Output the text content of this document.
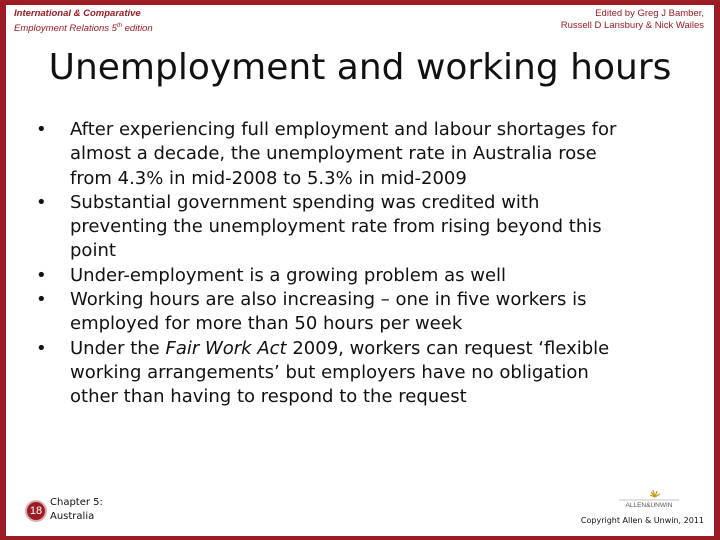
International & Comparative
Employment Relations 5th edition
Edited by Greg J Bamber,
Russell D Lansbury & Nick Wailes
Unemployment and working hours
• After experiencing full employment and labour shortages for
almost a decade, the unemployment rate in Australia rose
from 4.3% in mid-2008 to 5.3% in mid-2009
• Substantial government spending was credited with
preventing the unemployment rate from rising beyond this
point
• Under-employment is a growing problem as well
• Working hours are also increasing – one in five workers is
employed for more than 50 hours per week
• Under the Fair Work Act 2009, workers can request ‘flexible
working arrangements’ but employers have no obligation
other than having to respond to the request
18
Chapter 5:
Australia
ALLEN&UNWIN
Copyright Allen & Unwin, 2011
